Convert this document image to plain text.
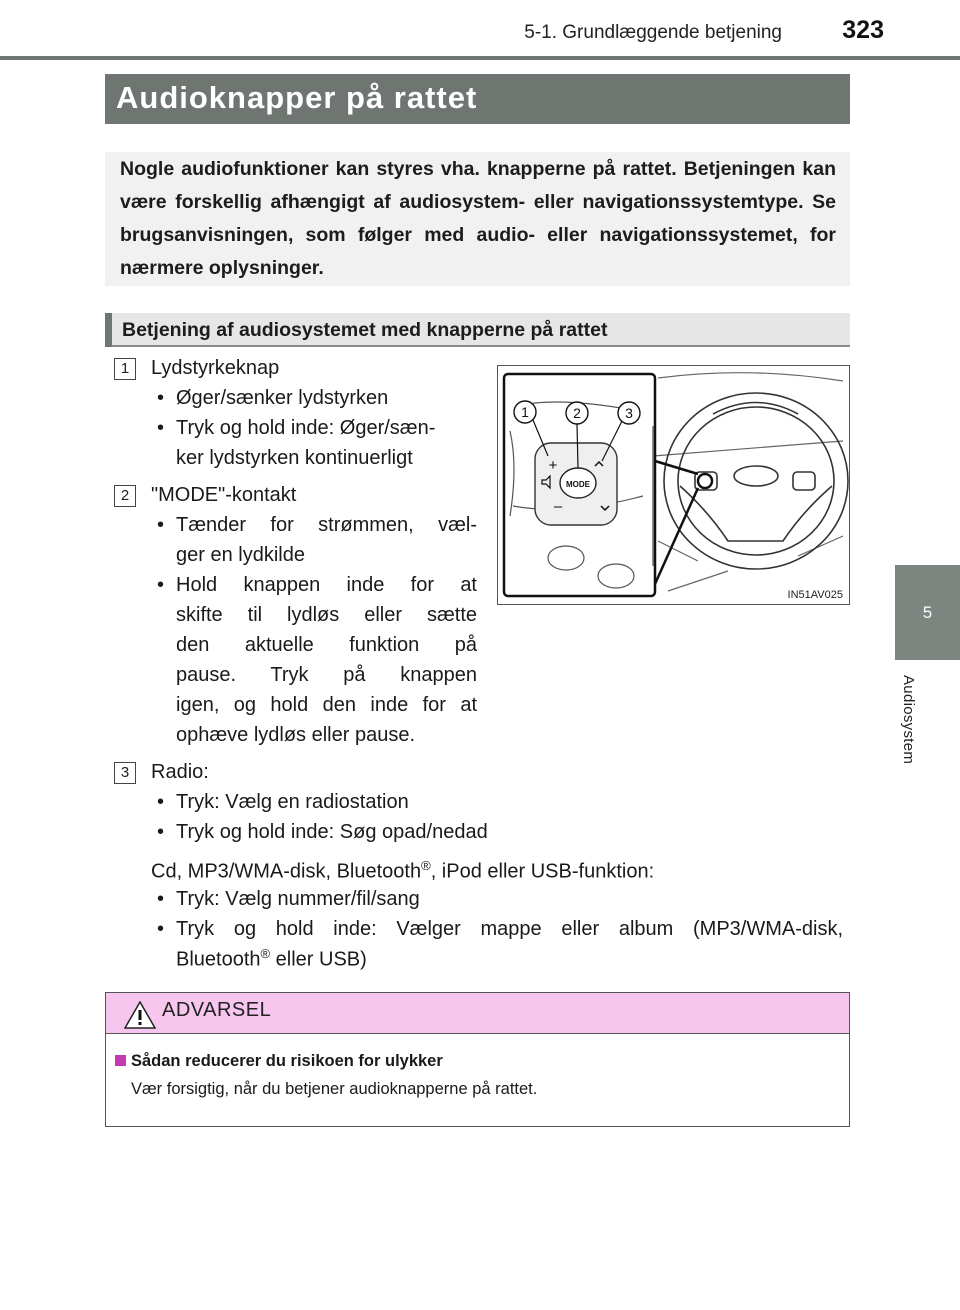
5-1. Grundlæggende betjening 323
5
Audiosystem
Audioknapper på rattet
Nogle audiofunktioner kan styres vha. knapperne på rattet. Betjeningen kan være forskellig afhængigt af audiosystem- eller navigationssystemtype. Se brugsanvisningen, som følger med audio- eller navigationssystemet, for nærmere oplysninger.
Betjening af audiosystemet med knapperne på rattet
1	Lydstyrkeknap
• Øger/sænker lydstyrken
• Tryk og hold inde: Øger/sæn-
ker lydstyrken kontinuerligt
2	"MODE"-kontakt
• Tænder for strømmen, væl-
ger en lydkilde
• Hold knappen inde for at
skifte til lydløs eller sætte
den aktuelle funktion på
pause. Tryk på knappen
igen, og hold den inde for at
ophæve lydløs eller pause.
3	Radio:
• Tryk: Vælg en radiostation
• Tryk og hold inde: Søg opad/nedad
Cd, MP3/WMA-disk, Bluetooth®, iPod eller USB-funktion:
• Tryk: Vælg nummer/fil/sang
• Tryk og hold inde: Vælger mappe eller album (MP3/WMA-disk,
Bluetooth® eller USB)
MODE
+
–
1	2	3
IN51AV025
ADVARSEL
Sådan reducerer du risikoen for ulykker
Vær forsigtig, når du betjener audioknapperne på rattet.
